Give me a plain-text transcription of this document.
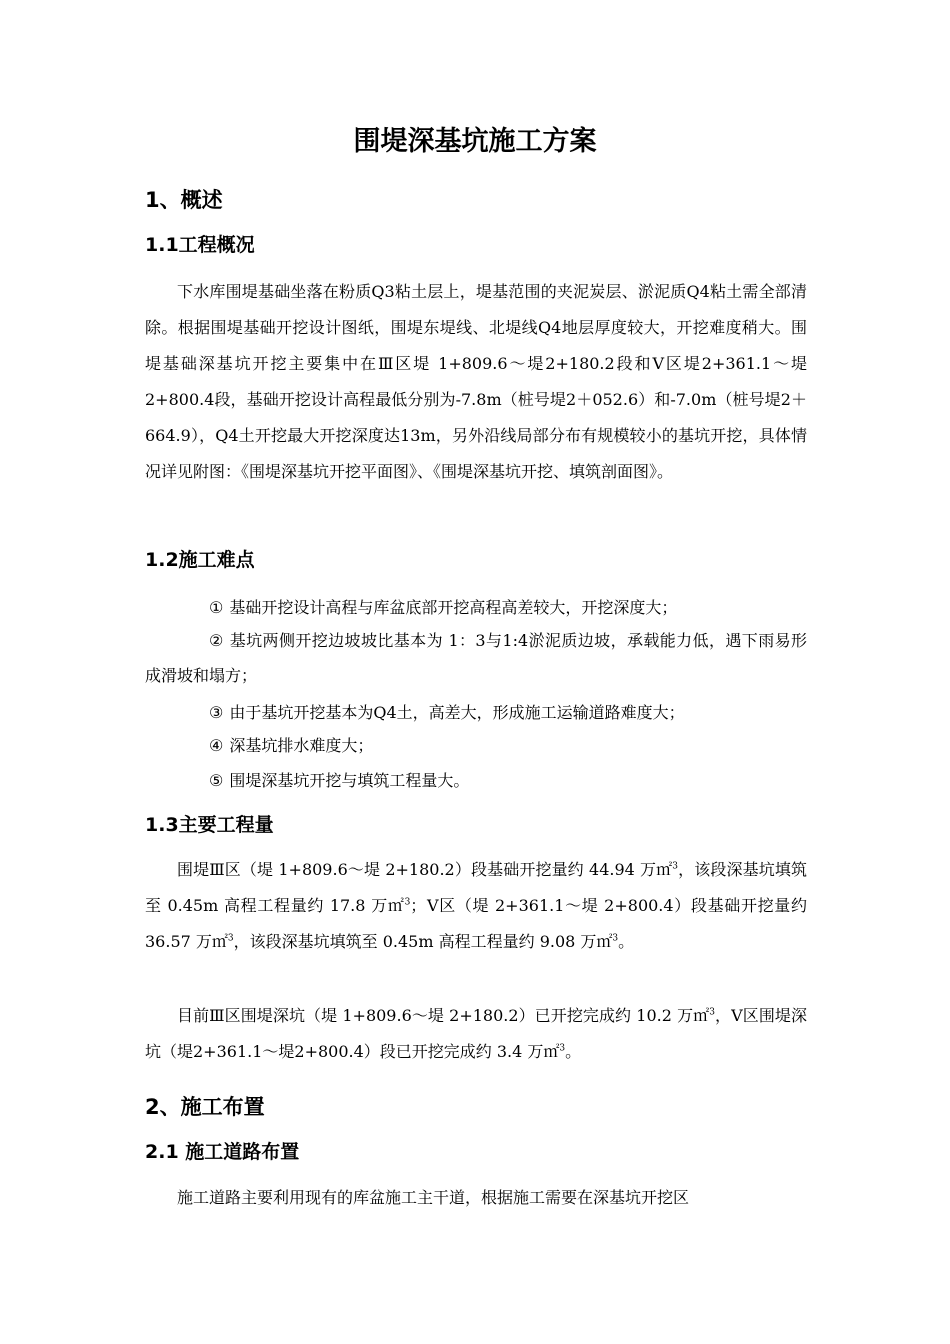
围堤深基坑施工方案
1、概述
1.1工程概况

下水库围堤基础坐落在粉质Q3粘土层上，堤基范围的夹泥炭层、淤泥质Q4粘土需全部清除。根据围堤基础开挖设计图纸，围堤东堤线、北堤线Q4地层厚度较大，开挖难度稍大。围堤基础深基坑开挖主要集中在Ⅲ区堤 1+809.6～堤2+180.2段和Ⅴ区堤2+361.1～堤2+800.4段，基础开挖设计高程最低分别为-7.8m（桩号堤2＋052.6）和-7.0m（桩号堤2＋664.9），Q4土开挖最大开挖深度达13m，另外沿线局部分布有规模较小的基坑开挖，具体情况详见附图：《围堤深基坑开挖平面图》、《围堤深基坑开挖、填筑剖面图》。

1.2施工难点

① 基础开挖设计高程与库盆底部开挖高程高差较大，开挖深度大；

② 基坑两侧开挖边坡坡比基本为 1：3与1:4淤泥质边坡，承载能力低，遇下雨易形成滑坡和塌方；

③ 由于基坑开挖基本为Q4土，高差大，形成施工运输道路难度大；

④ 深基坑排水难度大；

⑤ 围堤深基坑开挖与填筑工程量大。

1.3主要工程量

围堤Ⅲ区（堤 1+809.6～堤 2+180.2）段基础开挖量约 44.94 万㎡$^3$，该段深基坑填筑至 0.45m 高程工程量约 17.8 万㎡$^3$；Ⅴ区（堤 2+361.1～堤 2+800.4）段基础开挖量约 36.57 万㎡$^3$，该段深基坑填筑至 0.45m 高程工程量约 9.08 万㎡$^3$。

目前Ⅲ区围堤深坑（堤 1+809.6～堤 2+180.2）已开挖完成约 10.2 万㎡$^3$，Ⅴ区围堤深坑（堤2+361.1～堤2+800.4）段已开挖完成约 3.4 万㎡$^3$。

2、施工布置
2.1 施工道路布置

施工道路主要利用现有的库盆施工主干道，根据施工需要在深基坑开挖区
